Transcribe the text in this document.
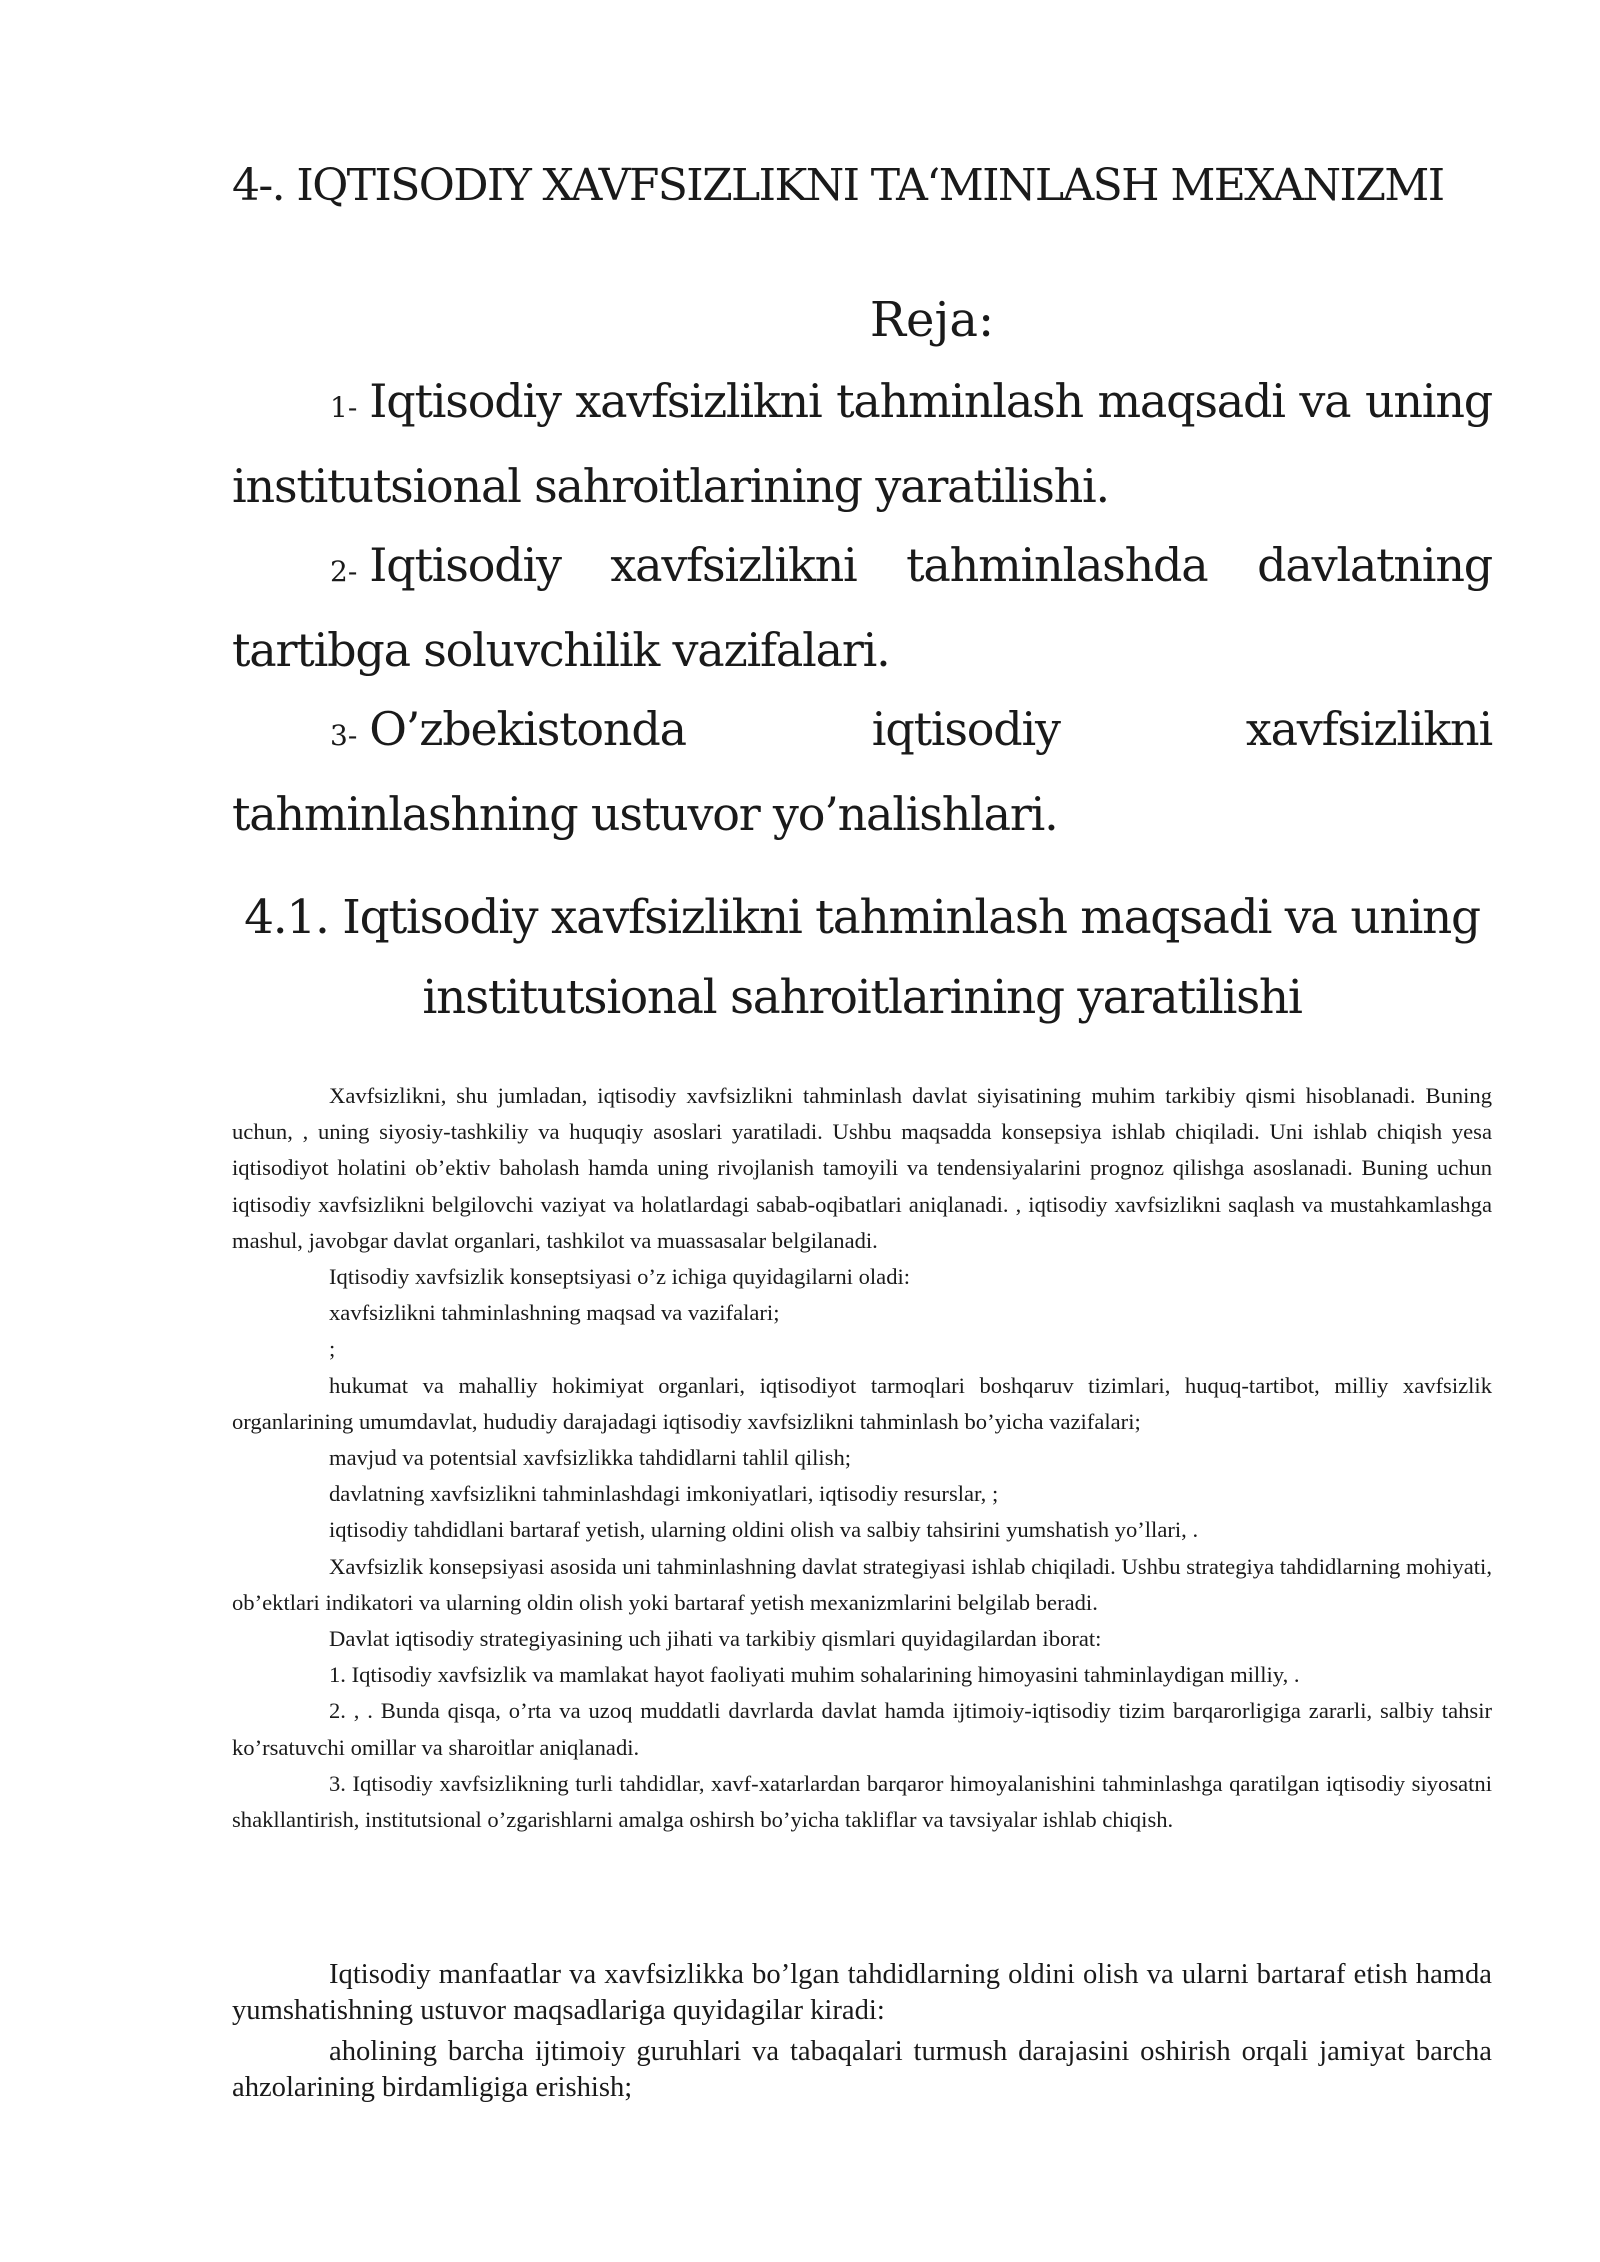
4-. IQTISODIY XAVFSIZLIKNI TA‘MINLASH MEXANIZMI
Reja:
1- Iqtisodiy xavfsizlikni tahminlash maqsadi va uning institutsional sahroitlarining yaratilishi.
2- Iqtisodiy xavfsizlikni tahminlashda davlatning tartibga soluvchilik vazifalari.
3- O’zbekistonda iqtisodiy xavfsizlikni tahminlashning ustuvor yo’nalishlari.
4.1. Iqtisodiy xavfsizlikni tahminlash maqsadi va uning institutsional sahroitlarining yaratilishi

Xavfsizlikni, shu jumladan, iqtisodiy xavfsizlikni tahminlash davlat siyisatining muhim tarkibiy qismi hisoblanadi. Buning uchun, , uning siyosiy-tashkiliy va huquqiy asoslari yaratiladi. Ushbu maqsadda konsepsiya ishlab chiqiladi. Uni ishlab chiqish yesa iqtisodiyot holatini ob’ektiv baholash hamda uning rivojlanish tamoyili va tendensiyalarini prognoz qilishga asoslanadi. Buning uchun iqtisodiy xavfsizlikni belgilovchi vaziyat va holatlardagi sabab-oqibatlari aniqlanadi. , iqtisodiy xavfsizlikni saqlash va mustahkamlashga mashul, javobgar davlat organlari, tashkilot va muassasalar belgilanadi.

Iqtisodiy xavfsizlik konseptsiyasi o’z ichiga quyidagilarni oladi:

xavfsizlikni tahminlashning maqsad va vazifalari;

;

hukumat va mahalliy hokimiyat organlari, iqtisodiyot tarmoqlari boshqaruv tizimlari, huquq-tartibot, milliy xavfsizlik organlarining umumdavlat, hududiy darajadagi iqtisodiy xavfsizlikni tahminlash bo’yicha vazifalari;

mavjud va potentsial xavfsizlikka tahdidlarni tahlil qilish;

davlatning xavfsizlikni tahminlashdagi imkoniyatlari, iqtisodiy resurslar, ;

iqtisodiy tahdidlani bartaraf yetish, ularning oldini olish va salbiy tahsirini yumshatish yo’llari, .

Xavfsizlik konsepsiyasi asosida uni tahminlashning davlat strategiyasi ishlab chiqiladi. Ushbu strategiya tahdidlarning mohiyati, ob’ektlari indikatori va ularning oldin olish yoki bartaraf yetish mexanizmlarini belgilab beradi.

Davlat iqtisodiy strategiyasining uch jihati va tarkibiy qismlari quyidagilardan iborat:

1. Iqtisodiy xavfsizlik va mamlakat hayot faoliyati muhim sohalarining himoyasini tahminlaydigan milliy, .

2. , . Bunda qisqa, o’rta va uzoq muddatli davrlarda davlat hamda ijtimoiy-iqtisodiy tizim barqarorligiga zararli, salbiy tahsir ko’rsatuvchi omillar va sharoitlar aniqlanadi.

3. Iqtisodiy xavfsizlikning turli tahdidlar, xavf-xatarlardan barqaror himoyalanishini tahminlashga qaratilgan iqtisodiy siyosatni shakllantirish, institutsional o’zgarishlarni amalga oshirsh bo’yicha takliflar va tavsiyalar ishlab chiqish.

Iqtisodiy manfaatlar va xavfsizlikka bo’lgan tahdidlarning oldini olish va ularni bartaraf etish hamda yumshatishning ustuvor maqsadlariga quyidagilar kiradi:

aholining barcha ijtimoiy guruhlari va tabaqalari turmush darajasini oshirish orqali jamiyat barcha ahzolarining birdamligiga erishish;
